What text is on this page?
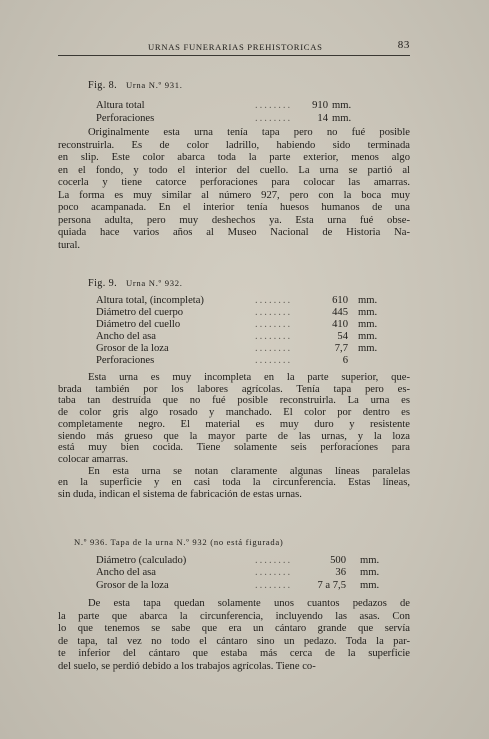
URNAS FUNERARIAS PREHISTORICAS	83
Fig. 8. Urna N.º 931.
Altura total	........	910 mm.
Perforaciones	........	14 mm.
Originalmente esta urna tenía tapa pero no fué posible
reconstruirla. Es de color ladrillo, habiendo sido terminada
en slip. Este color abarca toda la parte exterior, menos algo
en el fondo, y todo el interior del cuello. La urna se partió al
cocerla y tiene catorce perforaciones para colocar las amarras.
La forma es muy similar al número 927, pero con la boca muy
poco acampanada. En el interior tenía huesos humanos de una
persona adulta, pero muy deshechos ya. Esta urna fué obse-
quiada hace varios años al Museo Nacional de Historia Na-
tural.
Fig. 9. Urna N.º 932.
Altura total, (incompleta)	........	610 mm.
Diámetro del cuerpo	........	445 mm.
Diámetro del cuello	........	410 mm.
Ancho del asa	........	54 mm.
Grosor de la loza	........	7,7 mm.
Perforaciones	........	6
Esta urna es muy incompleta en la parte superior, que-
brada también por los labores agrícolas. Tenía tapa pero es-
taba tan destruída que no fué posible reconstruirla. La urna es
de color gris algo rosado y manchado. El color por dentro es
completamente negro. El material es muy duro y resistente
siendo más grueso que la mayor parte de las urnas, y la loza
está muy bien cocida. Tiene solamente seis perforaciones para
colocar amarras.
En esta urna se notan claramente algunas líneas paralelas
en la superficie y en casi toda la circunferencia. Estas líneas,
sin duda, indican el sistema de fabricación de estas urnas.
N.º 936. Tapa de la urna N.º 932 (no está figurada)
Diámetro (calculado)	........	500 mm.
Ancho del asa	........	36 mm.
Grosor de la loza	........	7 a 7,5 mm.
De esta tapa quedan solamente unos cuantos pedazos de
la parte que abarca la circunferencia, incluyendo las asas. Con
lo que tenemos se sabe que era un cántaro grande que servía
de tapa, tal vez no todo el cántaro sino un pedazo. Toda la par-
te inferior del cántaro que estaba más cerca de la superficie
del suelo, se perdió debido a los trabajos agrícolas. Tiene co-
